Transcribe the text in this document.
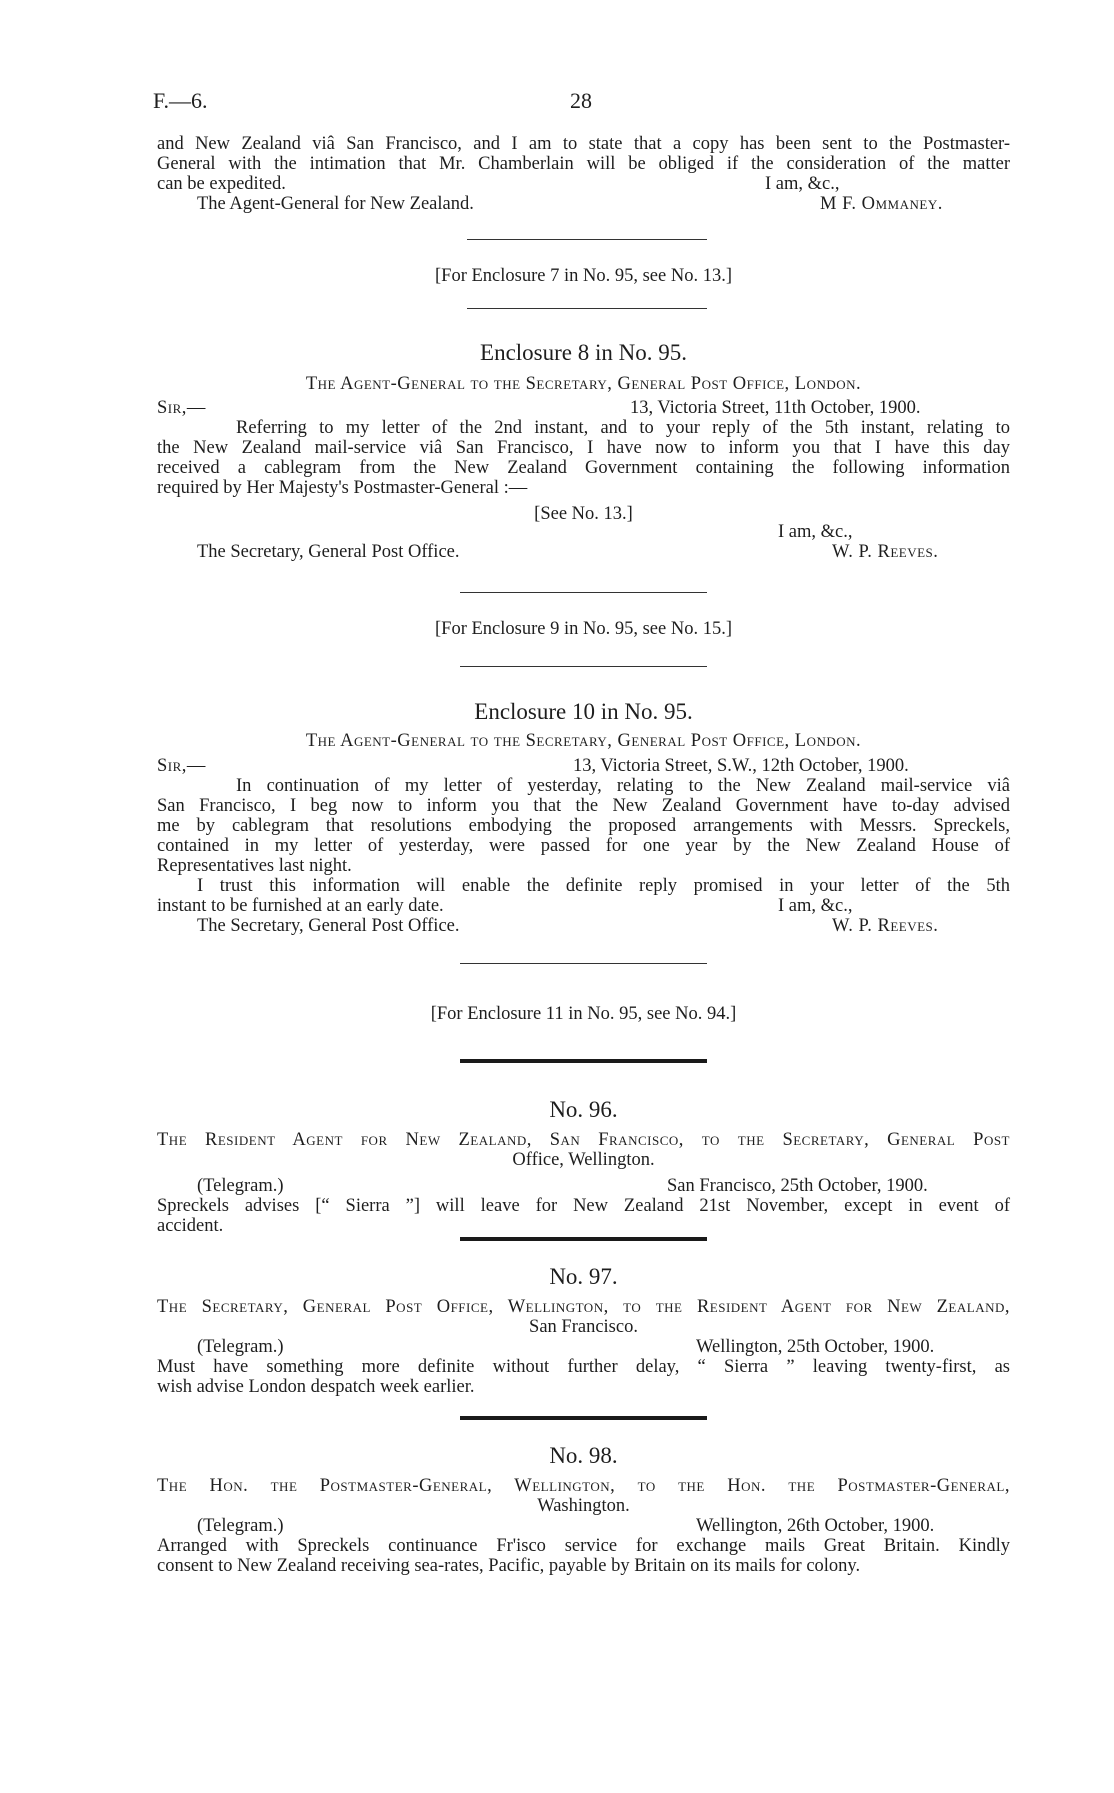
F.—6.	28
and New Zealand viâ San Francisco, and I am to state that a copy has been sent to the Postmaster-
General with the intimation that Mr. Chamberlain will be obliged if the consideration of the matter
can be expedited.	I am, &c.,
The Agent-General for New Zealand.	M F. Ommaney.
[For Enclosure 7 in No. 95, see No. 13.]
Enclosure 8 in No. 95.
The Agent-General to the Secretary, General Post Office, London.
Sir,—	13, Victoria Street, 11th October, 1900.
Referring to my letter of the 2nd instant, and to your reply of the 5th instant, relating to
the New Zealand mail-service viâ San Francisco, I have now to inform you that I have this day
received a cablegram from the New Zealand Government containing the following information
required by Her Majesty's Postmaster-General :—
[See No. 13.]
I am, &c.,
The Secretary, General Post Office.	W. P. Reeves.
[For Enclosure 9 in No. 95, see No. 15.]
Enclosure 10 in No. 95.
The Agent-General to the Secretary, General Post Office, London.
Sir,—	13, Victoria Street, S.W., 12th October, 1900.
In continuation of my letter of yesterday, relating to the New Zealand mail-service viâ
San Francisco, I beg now to inform you that the New Zealand Government have to-day advised
me by cablegram that resolutions embodying the proposed arrangements with Messrs. Spreckels,
contained in my letter of yesterday, were passed for one year by the New Zealand House of
Representatives last night.
I trust this information will enable the definite reply promised in your letter of the 5th
instant to be furnished at an early date.	I am, &c.,
The Secretary, General Post Office.	W. P. Reeves.
[For Enclosure 11 in No. 95, see No. 94.]
No. 96.
The Resident Agent for New Zealand, San Francisco, to the Secretary, General Post
Office, Wellington.
(Telegram.)	San Francisco, 25th October, 1900.
Spreckels advises [“ Sierra ”] will leave for New Zealand 21st November, except in event of
accident.
No. 97.
The Secretary, General Post Office, Wellington, to the Resident Agent for New Zealand,
San Francisco.
(Telegram.)	Wellington, 25th October, 1900.
Must have something more definite without further delay, “ Sierra ” leaving twenty-first, as
wish advise London despatch week earlier.
No. 98.
The Hon. the Postmaster-General, Wellington, to the Hon. the Postmaster-General,
Washington.
(Telegram.)	Wellington, 26th October, 1900.
Arranged with Spreckels continuance Fr'isco service for exchange mails Great Britain. Kindly
consent to New Zealand receiving sea-rates, Pacific, payable by Britain on its mails for colony.
